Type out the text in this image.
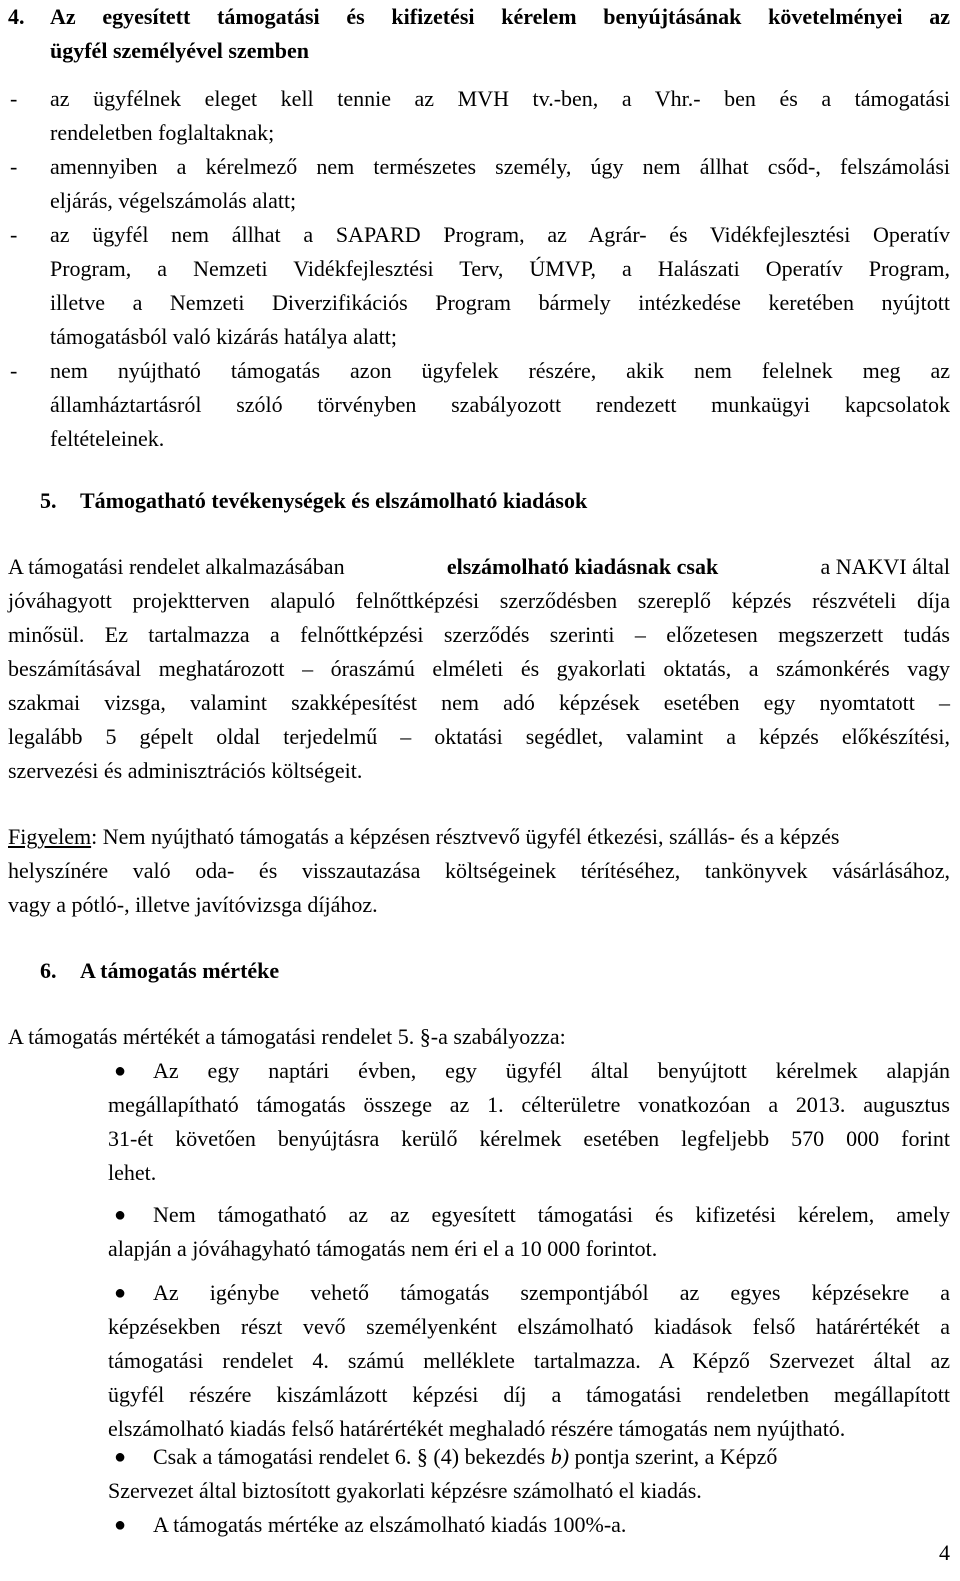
4. Az egyesített támogatási és kifizetési kérelem benyújtásának követelményei az
ügyfél személyével szemben
- az ügyfélnek eleget kell tennie az MVH tv.-ben, a Vhr.- ben és a támogatási
rendeletben foglaltaknak;
- amennyiben a kérelmező nem természetes személy, úgy nem állhat csőd-, felszámolási
eljárás, végelszámolás alatt;
- az ügyfél nem állhat a SAPARD Program, az Agrár- és Vidékfejlesztési Operatív
Program, a Nemzeti Vidékfejlesztési Terv, ÚMVP, a Halászati Operatív Program,
illetve a Nemzeti Diverzifikációs Program bármely intézkedése keretében nyújtott
támogatásból való kizárás hatálya alatt;
- nem nyújtható támogatás azon ügyfelek részére, akik nem felelnek meg az
államháztartásról szóló törvényben szabályozott rendezett munkaügyi kapcsolatok
feltételeinek.
5. Támogatható tevékenységek és elszámolható kiadások
A támogatási rendelet alkalmazásában	elszámolható kiadásnak csak	a NAKVI által
jóváhagyott projektterven alapuló felnőttképzési szerződésben szereplő képzés részvételi díja
minősül. Ez tartalmazza a felnőttképzési szerződés szerinti – előzetesen megszerzett tudás
beszámításával meghatározott – óraszámú elméleti és gyakorlati oktatás, a számonkérés vagy
szakmai vizsga, valamint szakképesítést nem adó képzések esetében egy nyomtatott –
legalább 5 gépelt oldal terjedelmű – oktatási segédlet, valamint a képzés előkészítési,
szervezési és adminisztrációs költségeit.
Figyelem: Nem nyújtható támogatás a képzésen résztvevő ügyfél étkezési, szállás- és a képzés
helyszínére való oda- és visszautazása költségeinek térítéséhez, tankönyvek vásárlásához,
vagy a pótló-, illetve javítóvizsga díjához.
6. A támogatás mértéke
A támogatás mértékét a támogatási rendelet 5. §-a szabályozza:
● Az egy naptári évben, egy ügyfél által benyújtott kérelmek alapján
megállapítható támogatás összege az 1. célterületre vonatkozóan a 2013. augusztus
31-ét követően benyújtásra kerülő kérelmek esetében legfeljebb 570 000 forint
lehet.
● Nem támogatható az az egyesített támogatási és kifizetési kérelem, amely
alapján a jóváhagyható támogatás nem éri el a 10 000 forintot.
● Az igénybe vehető támogatás szempontjából az egyes képzésekre a
képzésekben részt vevő személyenként elszámolható kiadások felső határértékét a
támogatási rendelet 4. számú melléklete tartalmazza. A Képző Szervezet által az
ügyfél részére kiszámlázott képzési díj a támogatási rendeletben megállapított
elszámolható kiadás felső határértékét meghaladó részére támogatás nem nyújtható.
● Csak a támogatási rendelet 6. § (4) bekezdés b) pontja szerint, a Képző
Szervezet által biztosított gyakorlati képzésre számolható el kiadás.
● A támogatás mértéke az elszámolható kiadás 100%-a.
4
